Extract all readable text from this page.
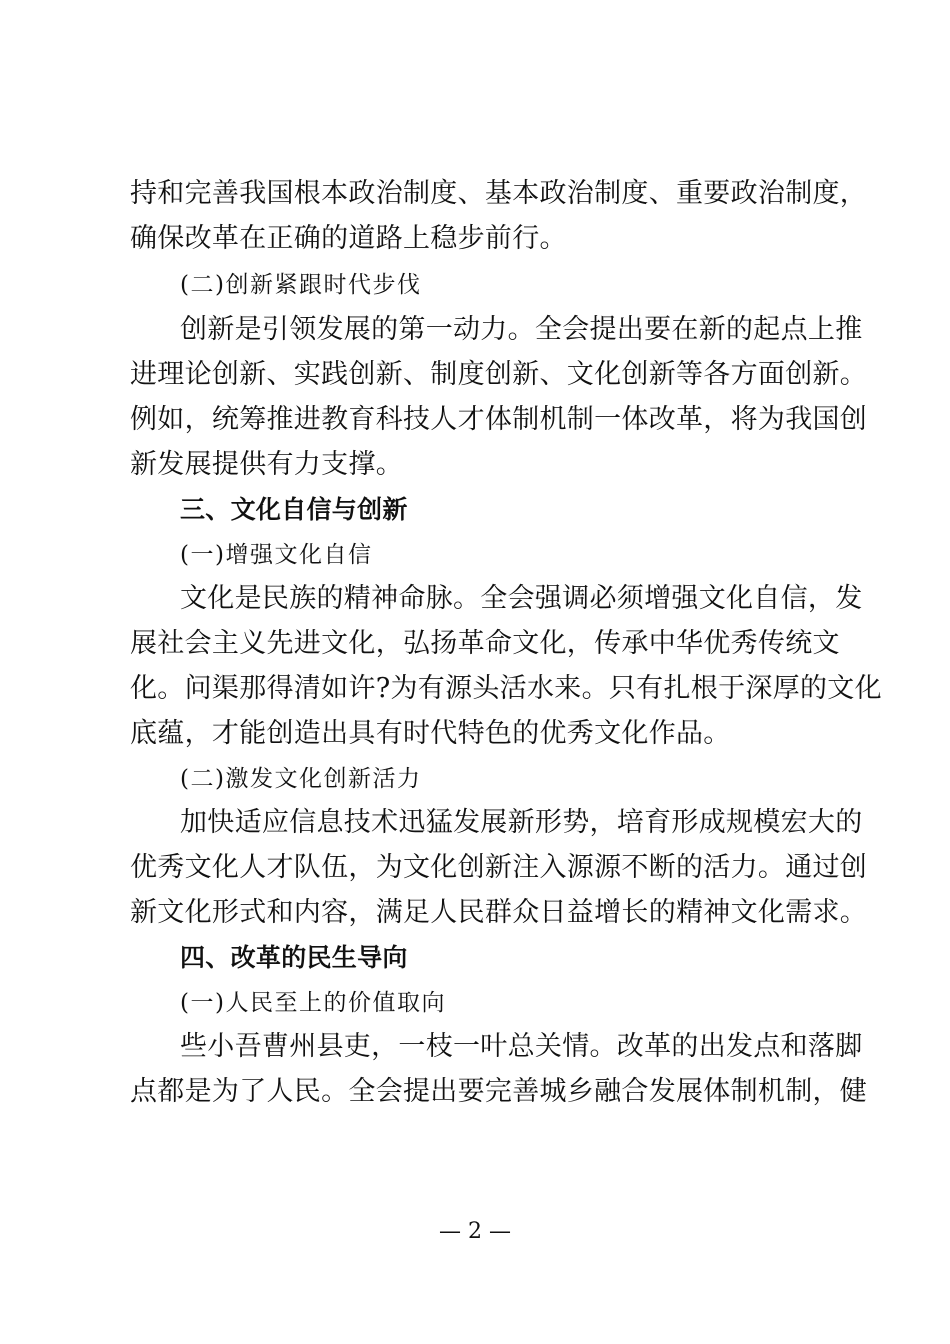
持和完善我国根本政治制度、基本政治制度、重要政治制度，
确保改革在正确的道路上稳步前行。
(二)创新紧跟时代步伐
创新是引领发展的第一动力。全会提出要在新的起点上推
进理论创新、实践创新、制度创新、文化创新等各方面创新。
例如，统筹推进教育科技人才体制机制一体改革，将为我国创
新发展提供有力支撑。
三、文化自信与创新
(一)增强文化自信
文化是民族的精神命脉。全会强调必须增强文化自信，发
展社会主义先进文化，弘扬革命文化，传承中华优秀传统文
化。问渠那得清如许?为有源头活水来。只有扎根于深厚的文化
底蕴，才能创造出具有时代特色的优秀文化作品。
(二)激发文化创新活力
加快适应信息技术迅猛发展新形势，培育形成规模宏大的
优秀文化人才队伍，为文化创新注入源源不断的活力。通过创
新文化形式和内容，满足人民群众日益增长的精神文化需求。
四、改革的民生导向
(一)人民至上的价值取向
些小吾曹州县吏，一枝一叶总关情。改革的出发点和落脚
点都是为了人民。全会提出要完善城乡融合发展体制机制，健
— 2 —
